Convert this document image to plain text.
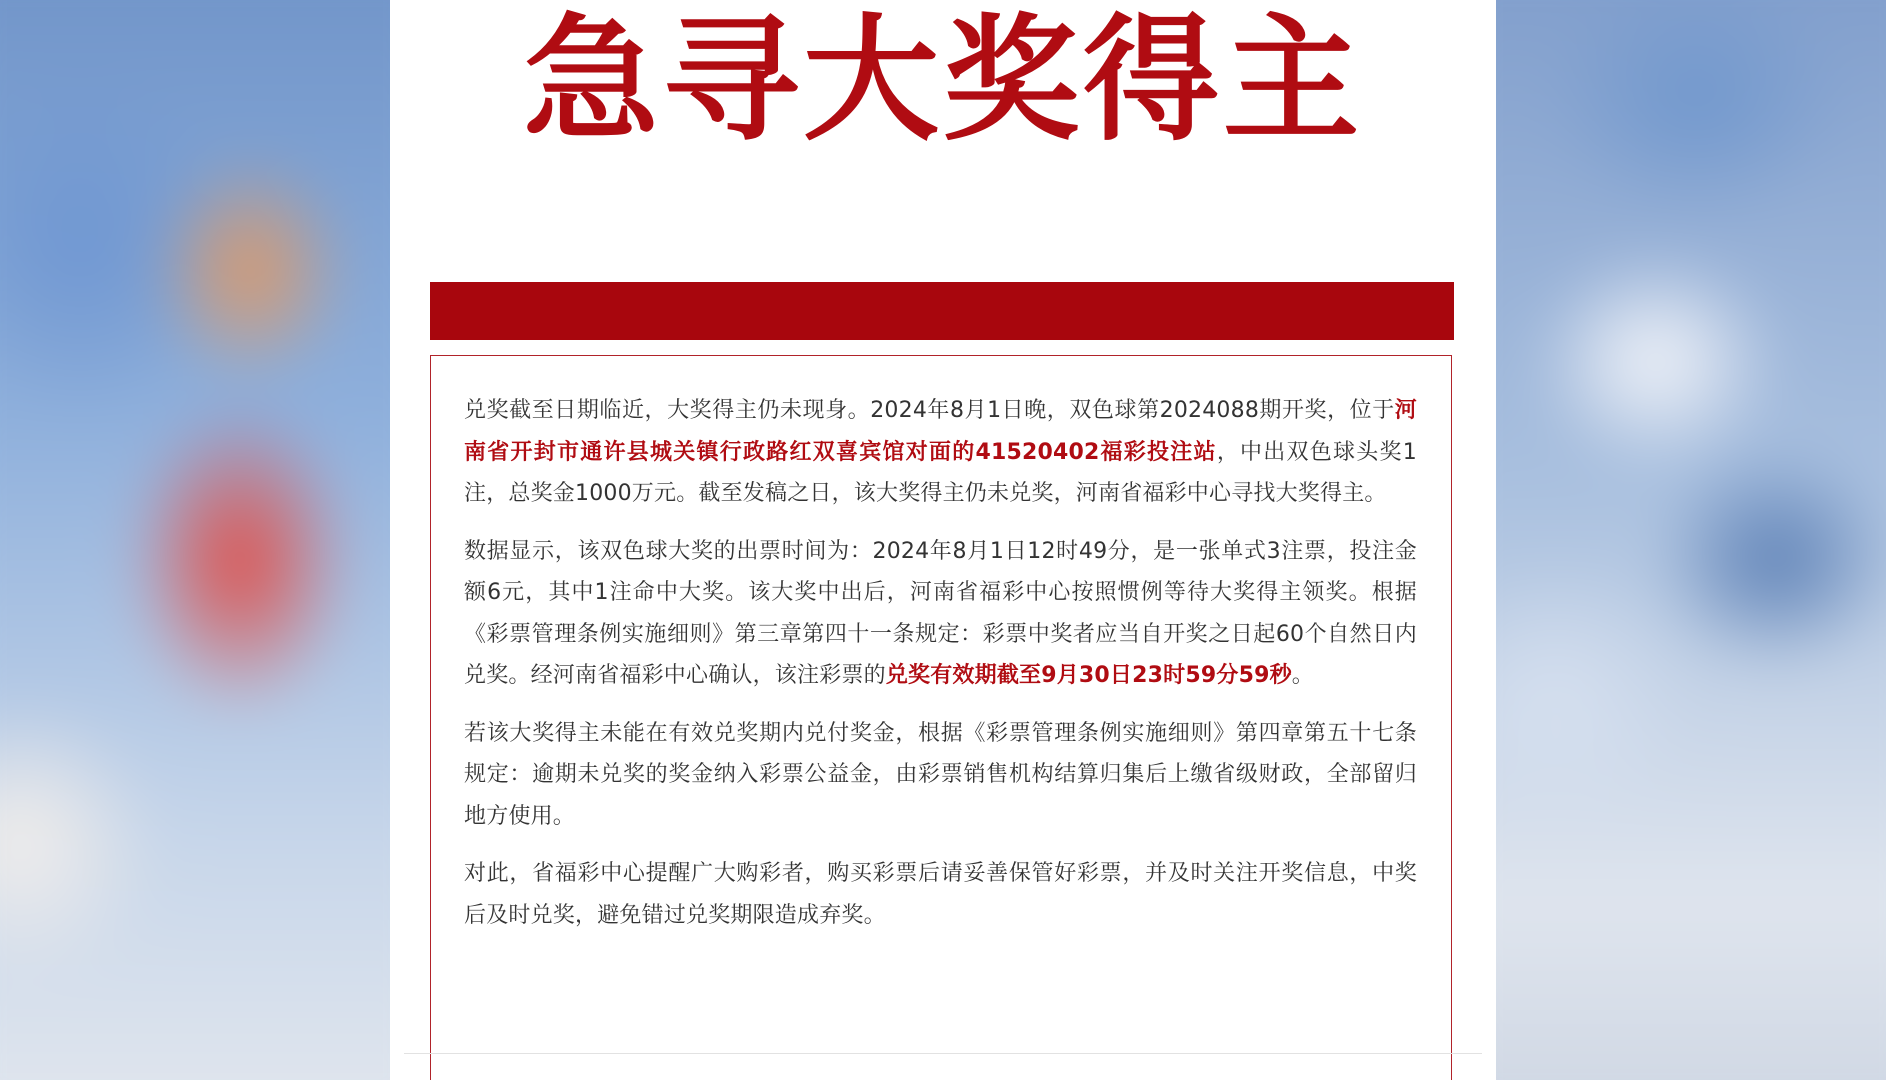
急寻大奖得主

兑奖截至日期临近，大奖得主仍未现身。2024年8月1日晚，双色球第2024088期开奖，位于河南省开封市通许县城关镇行政路红双喜宾馆对面的41520402福彩投注站，中出双色球头奖1注，总奖金1000万元。截至发稿之日，该大奖得主仍未兑奖，河南省福彩中心寻找大奖得主。

数据显示，该双色球大奖的出票时间为：2024年8月1日12时49分，是一张单式3注票，投注金额6元，其中1注命中大奖。该大奖中出后，河南省福彩中心按照惯例等待大奖得主领奖。根据《彩票管理条例实施细则》第三章第四十一条规定：彩票中奖者应当自开奖之日起60个自然日内兑奖。经河南省福彩中心确认，该注彩票的兑奖有效期截至9月30日23时59分59秒。

若该大奖得主未能在有效兑奖期内兑付奖金，根据《彩票管理条例实施细则》第四章第五十七条规定：逾期未兑奖的奖金纳入彩票公益金，由彩票销售机构结算归集后上缴省级财政，全部留归地方使用。

对此，省福彩中心提醒广大购彩者，购买彩票后请妥善保管好彩票，并及时关注开奖信息，中奖后及时兑奖，避免错过兑奖期限造成弃奖。
